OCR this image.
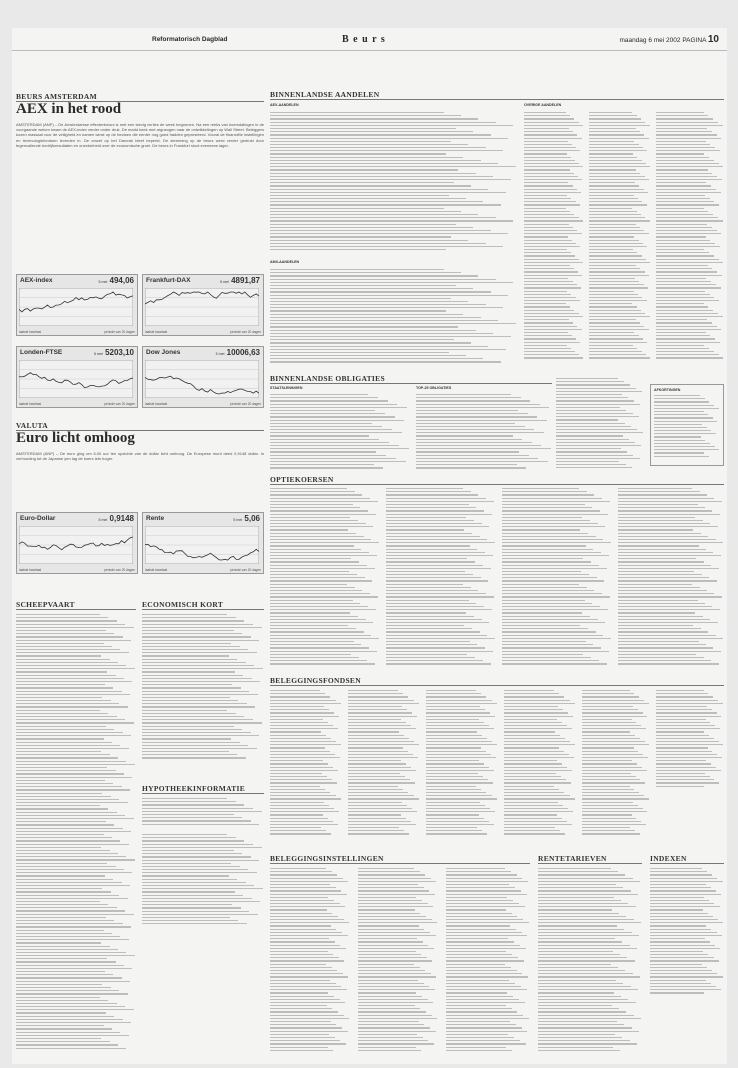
Reformatorisch Dagblad	B e u r s	maandag 6 mei 2002 PAGINA 10
BEURS AMSTERDAM
AEX in het rood
AMSTERDAM (ANP) – De Amsterdamse effectenbeurs is met een stevig verlies de week begonnen. Na een reeks van koersdalingen in de voorgaande weken kwam de AEX-index verder onder druk. De markt keek met argusogen naar de ontwikkelingen op Wall Street. Beleggers kozen massaal voor de veiligheid en namen winst op de fondsen die eerder nog goed hadden gepresteerd. Vooral de financiële instellingen en technologiefondsen leverden in. De omzet op het Damrak bleef beperkt. De stemming op de beurs werd verder gedrukt door tegenvallende bedrijfsresultaten en onzekerheid over de economische groei. De beurs in Frankfurt sloot eveneens lager.
AEX-index	5 mei 494,06
laatste kwartaal	periode van 20 dagen
Frankfurt-DAX	5 mei 4891,87
laatste kwartaal	periode van 20 dagen
Londen-FTSE	5 mei 5203,10
laatste kwartaal	periode van 20 dagen
Dow Jones	5 mei 10006,63
laatste kwartaal	periode van 20 dagen
VALUTA
Euro licht omhoog
AMSTERDAM (ANP) – De euro ging om 6.00 uur ten opzichte van de dollar licht omhoog. De Europese munt deed 0,9148 dollar. In verhouding tot de Japanse yen lag de koers iets hoger.
Euro-Dollar	5 mei 0,9148
laatste kwartaal	periode van 20 dagen
Rente	5 mei 5,06
laatste kwartaal	periode van 20 dagen
SCHEEPVAART	ECONOMISCH KORT
HYPOTHEEKINFORMATIE
BINNENLANDSE AANDELEN
AEX-AANDELEN
AMX-AANDELEN
OVERIGE AANDELEN
BINNENLANDSE OBLIGATIES
STAATSLENINGEN	TOP-25 OBLIGATIES	AFKORTINGEN
OPTIEKOERSEN
BELEGGINGSFONDSEN
BELEGGINGSINSTELLINGEN	RENTETARIEVEN	INDEXEN
